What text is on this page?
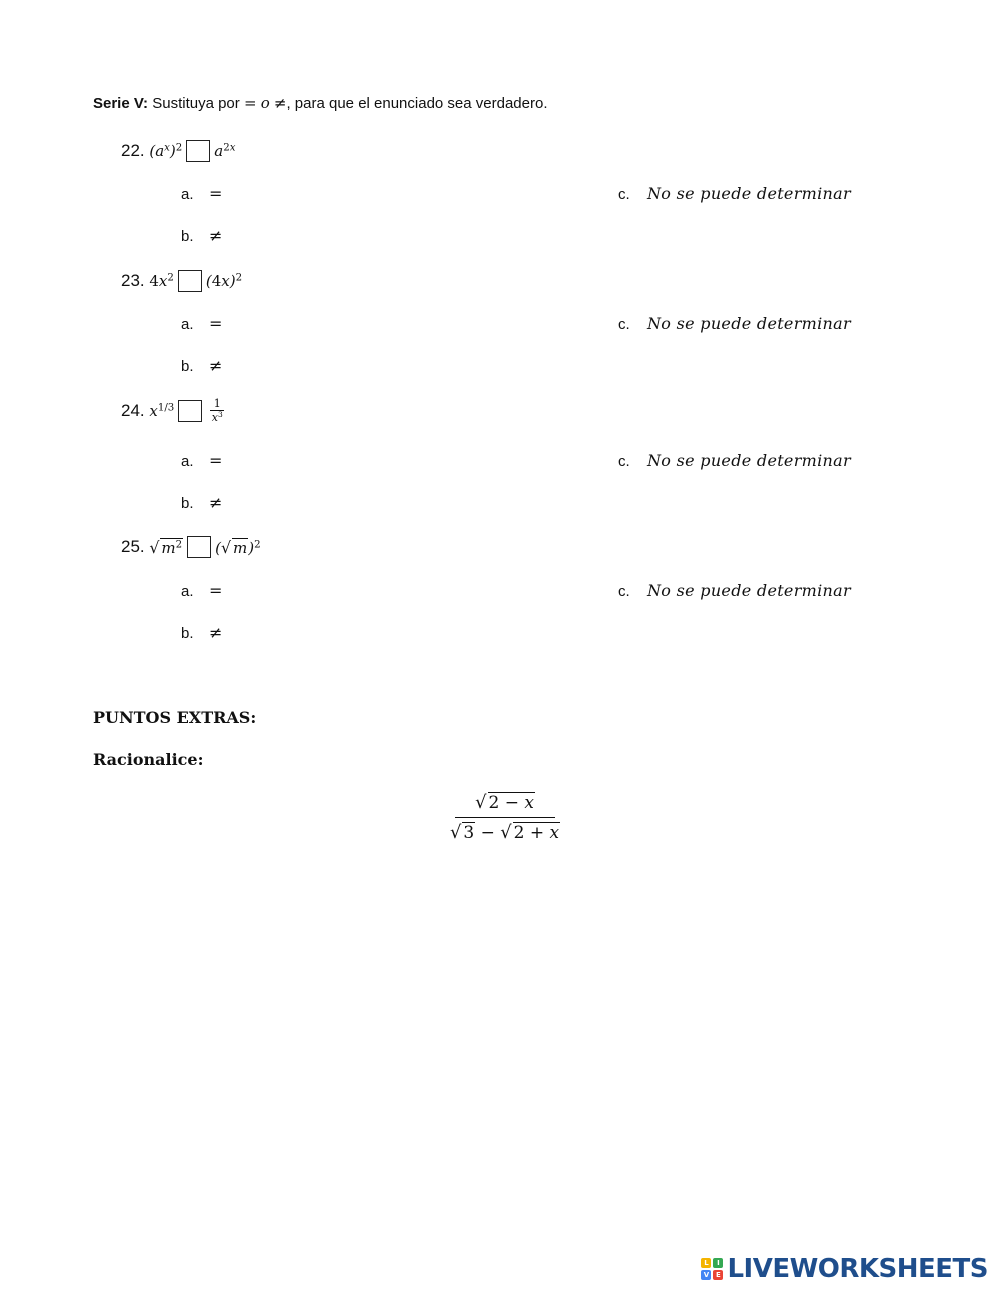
Serie V: Sustituya por = o ≠, para que el enunciado sea verdadero.
22.
$(a^x)^2$ $a^{2x}$
a. =	c. No se puede determinar
b. ≠
23.
$4x^2$ $(4x)^2$
a. =	c. No se puede determinar
b. ≠
24.
$x^{1/3}$	$\frac{1}{x^3}$
a. =	c. No se puede determinar
b. ≠
25.
√ $m^2$ ( √ m )$^2$
a. =	c. No se puede determinar
b. ≠
PUNTOS EXTRAS:
Racionalice:
√ 2 − x
√ 3 − √ 2 + x
L	I
V E LIVEWORKSHEETS
